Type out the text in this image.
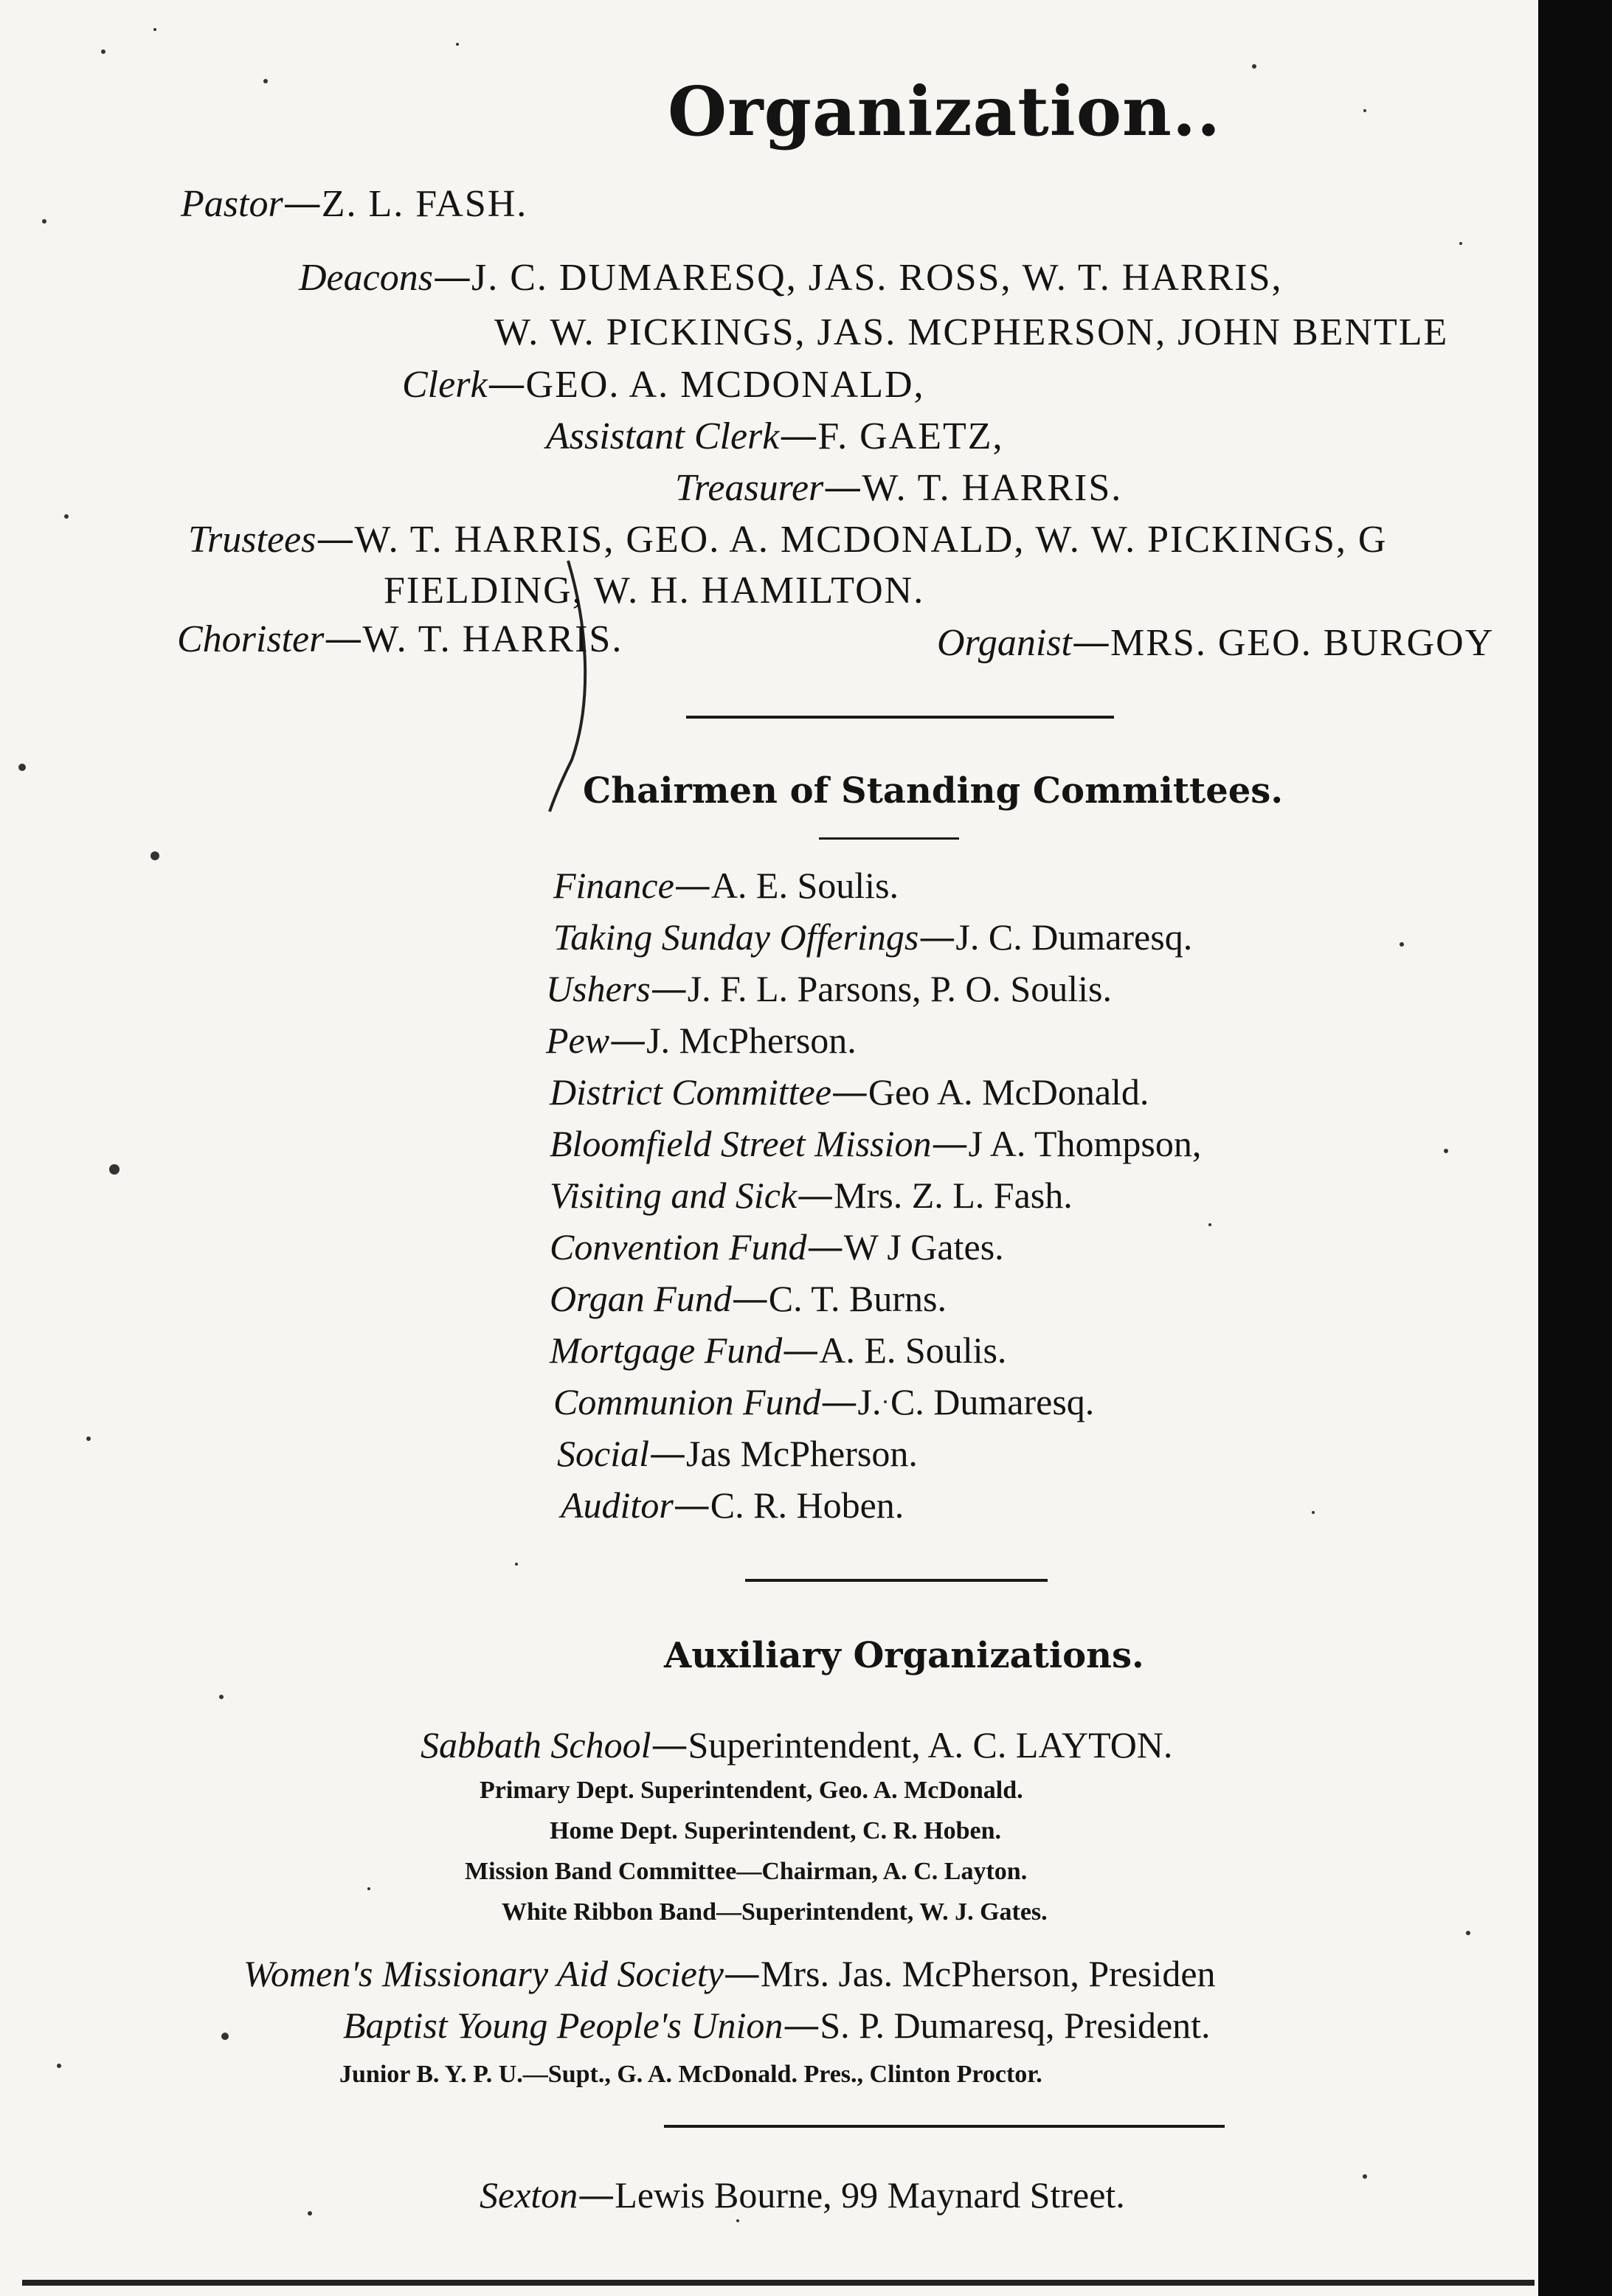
Organization..

Pastor—Z. L. FASH.

Deacons—J. C. DUMARESQ, JAS. ROSS, W. T. HARRIS,

W. W. PICKINGS, JAS. MCPHERSON, JOHN BENTLE

Clerk—GEO. A. MCDONALD,

Assistant Clerk—F. GAETZ,

Treasurer—W. T. HARRIS.

Trustees—W. T. HARRIS, GEO. A. MCDONALD, W. W. PICKINGS, G

FIELDING, W. H. HAMILTON.

Chorister—W. T. HARRIS.	Organist—MRS. GEO. BURGOY

Chairmen of Standing Committees.

Finance—A. E. Soulis.

Taking Sunday Offerings—J. C. Dumaresq.

Ushers—J. F. L. Parsons, P. O. Soulis.

Pew—J. McPherson.

District Committee—Geo A. McDonald.

Bloomfield Street Mission—J A. Thompson,

Visiting and Sick—Mrs. Z. L. Fash.

Convention Fund—W J Gates.

Organ Fund—C. T. Burns.

Mortgage Fund—A. E. Soulis.

Communion Fund—J. C. Dumaresq.

Social—Jas McPherson.

Auditor—C. R. Hoben.

Auxiliary Organizations.

Sabbath School—Superintendent, A. C. LAYTON.

Primary Dept. Superintendent, Geo. A. McDonald.

Home Dept. Superintendent, C. R. Hoben.

Mission Band Committee—Chairman, A. C. Layton.

White Ribbon Band—Superintendent, W. J. Gates.

Women's Missionary Aid Society—Mrs. Jas. McPherson, Presiden

Baptist Young People's Union—S. P. Dumaresq, President.

Junior B. Y. P. U.—Supt., G. A. McDonald. Pres., Clinton Proctor.

Sexton—Lewis Bourne, 99 Maynard Street.
